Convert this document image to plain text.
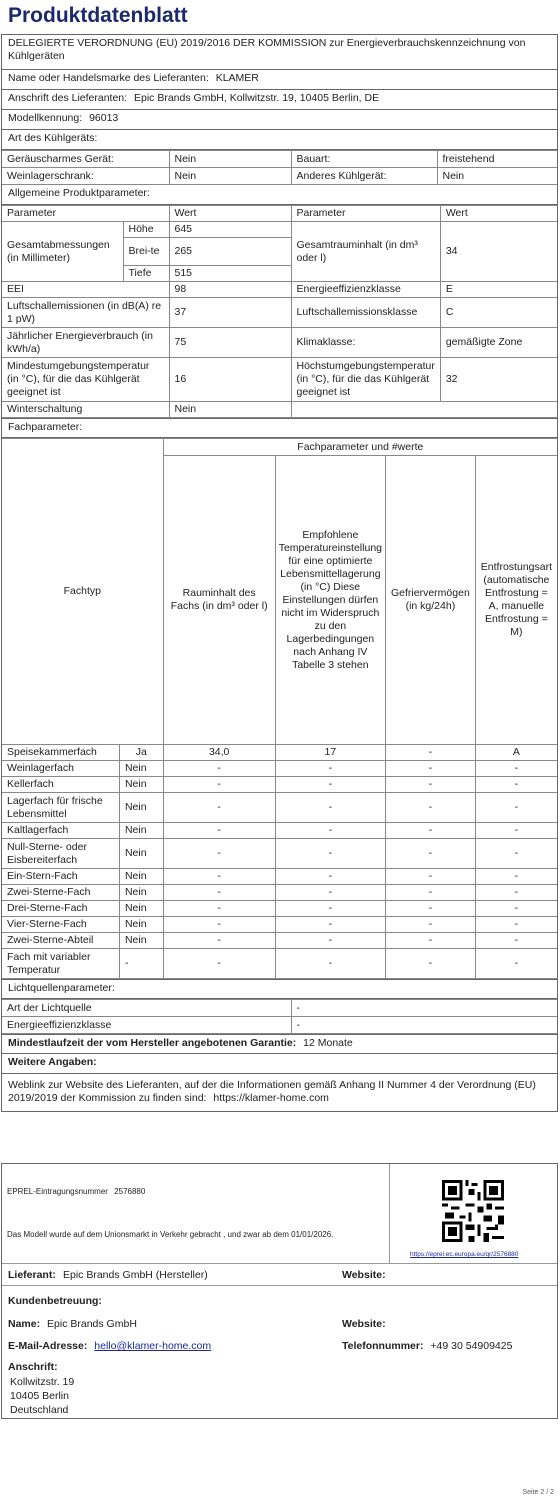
Produktdatenblatt
DELEGIERTE VERORDNUNG (EU) 2019/2016 DER KOMMISSION zur Energieverbrauchskennzeichnung von Kühlgeräten
Name oder Handelsmarke des Lieferanten: KLAMER
Anschrift des Lieferanten: Epic Brands GmbH, Kollwitzstr. 19, 10405 Berlin, DE
Modellkennung: 96013
Art des Kühlgeräts:
Geräuscharmes Gerät:	Nein	Bauart:	freistehend
Weinlagerschrank:	Nein	Anderes Kühlgerät:	Nein
Allgemeine Produktparameter:
Parameter		Wert	Parameter	Wert
Gesamtabmessungen (in Millimeter)	Höhe	645	Gesamtrauminhalt (in dm³ oder l)	34
	Brei-te	265		
	Tiefe	515		
EEI		98	Energieeffizienzklasse	E
Luftschallemissionen (in dB(A) re 1 pW)		37	Luftschallemissionsklasse	C
Jährlicher Energieverbrauch (in kWh/a)		75	Klimaklasse:	gemäßigte Zone
Mindestumgebungstemperatur (in °C), für die das Kühlgerät geeignet ist		16	Höchstumgebungstemperatur (in °C), für die das Kühlgerät geeignet ist	32
Winterschaltung		Nein		
Fachparameter:
Fachtyp		Fachparameter und #werte			
		Rauminhalt des Fachs (in dm³ oder l)	Empfohlene Temperatureinstellung für eine optimierte Lebensmittellagerung (in °C) Diese Einstellungen dürfen nicht im Widerspruch zu den Lagerbedingungen nach Anhang IV Tabelle 3 stehen	Gefriervermögen (in kg/24h)	Entfrostungsart (automatische Entfrostung = A, manuelle Entfrostung = M)
Speisekammerfach	Ja	34,0	17	-	A
Weinlagerfach	Nein	-	-	-	-
Kellerfach	Nein	-	-	-	-
Lagerfach für frische Lebensmittel	Nein	-	-	-	-
Kaltlagerfach	Nein	-	-	-	-
Null-Sterne- oder Eisbereiterfach	Nein	-	-	-	-
Ein-Stern-Fach	Nein	-	-	-	-
Zwei-Sterne-Fach	Nein	-	-	-	-
Drei-Sterne-Fach	Nein	-	-	-	-
Vier-Sterne-Fach	Nein	-	-	-	-
Zwei-Sterne-Abteil	Nein	-	-	-	-
Fach mit variabler Temperatur	-	-	-	-	-
Lichtquellenparameter:
Art der Lichtquelle	-
Energieeffizienzklasse	-
Mindestlaufzeit der vom Hersteller angebotenen Garantie: 12 Monate
Weitere Angaben:
Weblink zur Website des Lieferanten, auf der die Informationen gemäß Anhang II Nummer 4 der Verordnung (EU) 2019/2019 der Kommission zu finden sind: https://klamer-home.com
EPREL-Eintragungsnummer 2576880
Das Modell wurde auf dem Unionsmarkt in Verkehr gebracht , und zwar ab dem 01/01/2026.
https://eprel.ec.europa.eu/qr/2576880
Lieferant: Epic Brands GmbH (Hersteller)	Website:
Kundenbetreuung:
Name: Epic Brands GmbH	Website:
E-Mail-Adresse: hello@klamer-home.com	Telefonnummer: +49 30 54909425
Anschrift:
Kollwitzstr. 19
10405 Berlin
Deutschland
Seite 2 / 2
